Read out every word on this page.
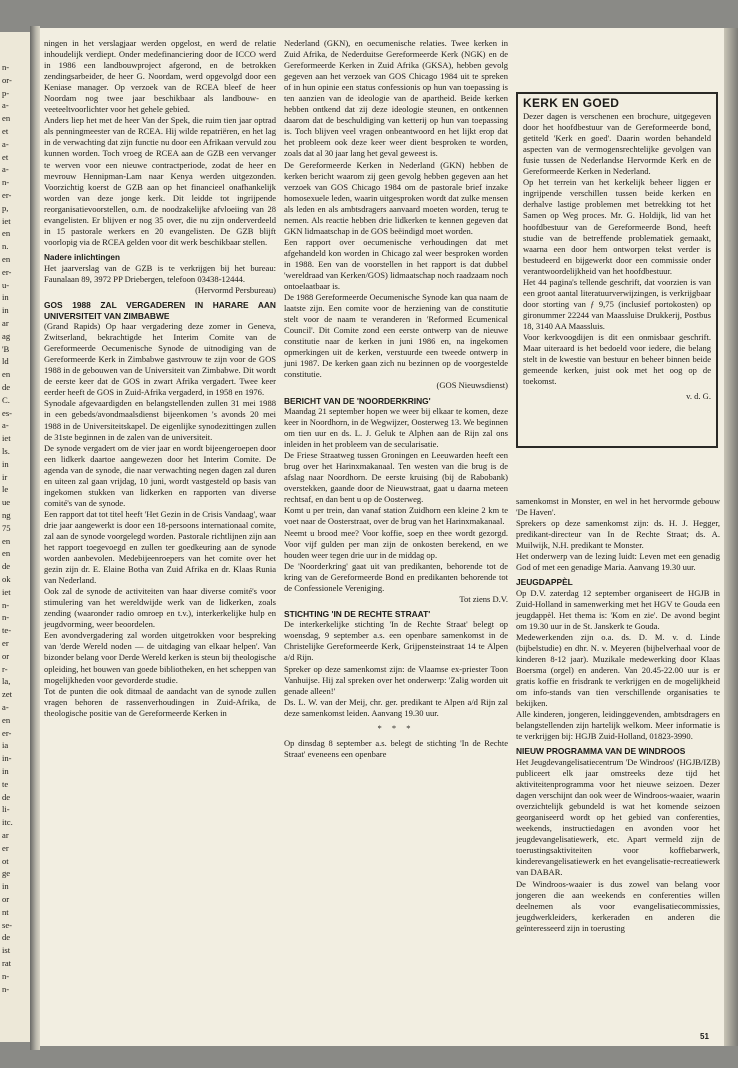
n-
or-
p-
a-
en
et
a-
et
a-
n-
er-
p,
iet
en
n.
en
er-
u-
in
in
ar
ag
'B
ld
en
de
C.
es-
a-
iet
ls.
in
ir
le
ue
ng
75
en
en
de
ok
iet
n-
n-
te-
er
or
r-
la,
zet
a-
en
er-
ia
in-
in
te
de
li-
itc.
ar
er
ot
ge
in
or
nt
se-
de
ist
rat
n-
n-

ningen in het verslagjaar werden opgelost, en werd de relatie inhoudelijk verdiept. Onder medefinanciering door de ICCO werd in 1986 een landbouwproject afgerond, en de betrokken zendingsarbeider, de heer G. Noordam, werd opgevolgd door een Keniase manager. Op verzoek van de RCEA bleef de heer Noordam nog twee jaar beschikbaar als landbouw- en veeteeltvoorlichter voor het gehele gebied.

Anders liep het met de heer Van der Spek, die ruim tien jaar optrad als penningmeester van de RCEA. Hij wilde repatriëren, en het lag in de verwachting dat zijn functie nu door een Afrikaan vervuld zou kunnen worden. Toch vroeg de RCEA aan de GZB een vervanger te werven voor een nieuwe contractperiode, zodat de heer en mevrouw Hennipman-Lam naar Kenya werden uitgezonden. Voorzichtig koerst de GZB aan op het financieel onafhankelijk worden van deze jonge kerk. Dit leidde tot ingrijpende reorganisatievoorstellen, o.m. de noodzakelijke afvloeiing van 28 evangelisten. Er blijven er nog 35 over, die nu zijn onderverdeeld in 15 pastorale werkers en 20 evangelisten. De GZB blijft voorlopig via de RCEA gelden voor dit werk beschikbaar stellen.

Nadere inlichtingen

Het jaarverslag van de GZB is te verkrijgen bij het bureau: Faunalaan 89, 3972 PP Driebergen, telefoon 03438-12444.

(Hervormd Persbureau)

GOS 1988 ZAL VERGADEREN IN HARARE AAN UNIVERSITEIT VAN ZIMBABWE

(Grand Rapids) Op haar vergadering deze zomer in Geneva, Zwitserland, bekrachtigde het Interim Comite van de Gereformeerde Oecumenische Synode de uitnodiging van de Gereformeerde Kerk in Zimbabwe gastvrouw te zijn voor de GOS 1988 in de gebouwen van de Universiteit van Zimbabwe. Dit wordt de eerste keer dat de GOS in zwart Afrika vergadert. Twee keer eerder heeft de GOS in Zuid-Afrika vergaderd, in 1958 en 1976.

Synodale afgevaardigden en belangstellenden zullen 31 mei 1988 in een gebeds/avondmaalsdienst bijeenkomen 's avonds 20 mei 1988 in de Universiteitskapel. De eigenlijke synodezittingen zullen de 31ste beginnen in de zalen van de universiteit.

De synode vergadert om de vier jaar en wordt bijeengeroepen door een lidkerk daartoe aangewezen door het Interim Comite. De agenda van de synode, die naar verwachting negen dagen zal duren en uiteen zal gaan vrijdag, 10 juni, wordt vastgesteld op basis van ingekomen stukken van lidkerken en rapporten van diverse comité's van de synode.

Een rapport dat tot titel heeft 'Het Gezin in de Crisis Vandaag', waar drie jaar aangewerkt is door een 18-persoons internationaal comite, zal aan de synode voorgelegd worden. Pastorale richtlijnen zijn aan het rapport toegevoegd en zullen ter goedkeuring aan de synode worden aanbevolen. Medebijeenroepers van het comite over het gezin zijn dr. E. Elaine Botha van Zuid Afrika en dr. Klaas Runia van Nederland.

Ook zal de synode de activiteiten van haar diverse comité's voor stimulering van het wereldwijde werk van de lidkerken, zoals zending (waaronder radio omroep en t.v.), interkerkelijke hulp en jeugdvorming, weer beoordelen.

Een avondvergadering zal worden uitgetrokken voor bespreking van 'derde Wereld noden — de uitdaging van elkaar helpen'. Van bizonder belang voor Derde Wereld kerken is steun bij theologische opleiding, het bouwen van goede bibliotheken, en het scheppen van mogelijkheden voor gevorderde studie.

Tot de punten die ook ditmaal de aandacht van de synode zullen vragen behoren de rassenverhoudingen in Zuid-Afrika, de theologische positie van de Gereformeerde Kerken in

Nederland (GKN), en oecumenische relaties. Twee kerken in Zuid Afrika, de Nederduitse Gereformeerde Kerk (NGK) en de Gereformeerde Kerken in Zuid Afrika (GKSA), hebben gevolg gegeven aan het verzoek van GOS Chicago 1984 uit te spreken of in hun opinie een status confessionis op hun van toepassing is ten aanzien van de ideologie van de apartheid. Beide kerken hebben ontkend dat zij deze ideologie steunen, en ontkennen daarom dat de beschuldiging van ketterij op hun van toepassing is. Toch blijven veel vragen onbeantwoord en het lijkt erop dat het probleem ook deze keer weer dient besproken te worden, zoals dat al 30 jaar lang het geval geweest is.

De Gereformeerde Kerken in Nederland (GKN) hebben de kerken bericht waarom zij geen gevolg hebben gegeven aan het verzoek van GOS Chicago 1984 om de pastorale brief inzake homosexuele leden, waarin uitgesproken wordt dat zulke mensen als leden en als ambtsdragers aanvaard moeten worden, terug te nemen. Als reactie hebben drie lidkerken te kennen gegeven dat GKN lidmaatschap in de GOS beëindigd moet worden.

Een rapport over oecumenische verhoudingen dat met afgehandeld kon worden in Chicago zal weer besproken worden in 1988. Een van de voorstellen in het rapport is dat dubbel 'wereldraad van Kerken/GOS) lidmaatschap noch raadzaam noch ontoelaatbaar is.

De 1988 Gereformeerde Oecumenische Synode kan qua naam de laatste zijn. Een comite voor de herziening van de constitutie stelt voor de naam te veranderen in 'Reformed Ecumenical Council'. Dit Comite zond een eerste ontwerp van de nieuwe constitutie naar de kerken in juni 1986 en, na ingekomen opmerkingen uit de kerken, verstuurde een tweede ontwerp in juni 1987. De kerken gaan zich nu bezinnen op de voorgestelde constitutie.

(GOS Nieuwsdienst)

BERICHT VAN DE 'NOORDERKRING'

Maandag 21 september hopen we weer bij elkaar te komen, deze keer in Noordhorn, in de Wegwijzer, Oosterweg 13. We beginnen om tien uur en ds. L. J. Geluk te Alphen aan de Rijn zal ons inleiden in het probleem van de secularisatie.

De Friese Straatweg tussen Groningen en Leeuwarden heeft een brug over het Harinxmakanaal. Ten westen van die brug is de afslag naar Noordhorn. De eerste kruising (bij de Rabobank) overstekken, gaande door de Nieuwstraat, gaat u daarna meteen rechtsaf, en dan bent u op de Oosterweg.

Komt u per trein, dan vanaf station Zuidhorn een kleine 2 km te voet naar de Oosterstraat, over de brug van het Harinxmakanaal.

Neemt u brood mee? Voor koffie, soep en thee wordt gezorgd. Voor vijf gulden per man zijn de onkosten berekend, en we houden weer tegen drie uur in de middag op.

De 'Noorderkring' gaat uit van predikanten, behorende tot de kring van de Gereformeerde Bond en predikanten behorende tot de Confessionele Vereniging.

Tot ziens D.V.

STICHTING 'IN DE RECHTE STRAAT'

De interkerkelijke stichting 'In de Rechte Straat' belegt op woensdag, 9 september a.s. een openbare samenkomst in de Christelijke Gereformeerde Kerk, Grijpensteinstraat 14 te Alpen a/d Rijn.

Spreker op deze samenkomst zijn: de Vlaamse ex-priester Toon Vanhuijse. Hij zal spreken over het onderwerp: 'Zalig worden uit genade alleen!'

Ds. L. W. van der Meij, chr. ger. predikant te Alpen a/d Rijn zal deze samenkomst leiden. Aanvang 19.30 uur.

* * *

Op dinsdag 8 september a.s. belegt de stichting 'In de Rechte Straat' eveneens een openbare

KERK EN GOED

Dezer dagen is verschenen een brochure, uitgegeven door het hoofdbestuur van de Gereformeerde bond, getiteld 'Kerk en goed'. Daarin worden behandeld aspecten van de vermogensrechtelijke gevolgen van fusie tussen de Nederlandse Hervormde Kerk en de Gereformeerde Kerken in Nederland.

Op het terrein van het kerkelijk beheer liggen er ingrijpende verschillen tussen beide kerken en derhalve lastige problemen met betrekking tot het Samen op Weg proces. Mr. G. Holdijk, lid van het hoofdbestuur van de Gereformeerde Bond, heeft studie van de betreffende problematiek gemaakt, waarna een door hem ontworpen tekst verder is bestudeerd en bijgewerkt door een commissie onder verantwoordelijkheid van het hoofdbestuur.

Het 44 pagina's tellende geschrift, dat voorzien is van een groot aantal literatuurverwijzingen, is verkrijgbaar door storting van ƒ 9,75 (inclusief portokosten) op gironummer 22244 van Maassluise Drukkerij, Postbus 18, 3140 AA Maassluis.

Voor kerkvoogdijen is dit een onmisbaar geschrift. Maar uiteraard is het bedoeld voor iedere, die belang stelt in de kwestie van bestuur en beheer binnen beide gemeende kerken, juist ook met het oog op de toekomst.

v. d. G.

samenkomst in Monster, en wel in het hervormde gebouw 'De Haven'.

Sprekers op deze samenkomst zijn: ds. H. J. Hegger, predikant-directeur van In de Rechte Straat; ds. A. Muilwijk, N.H. predikant te Monster.

Het onderwerp van de lezing luidt: Leven met een genadig God of met een genadige Maria. Aanvang 19.30 uur.

JEUGDAPPÈL

Op D.V. zaterdag 12 september organiseert de HGJB in Zuid-Holland in samenwerking met het HGV te Gouda een jeugdappèl. Het thema is: 'Kom en zie'. De avond begint om 19.30 uur in de St. Janskerk te Gouda.

Medewerkenden zijn o.a. ds. D. M. v. d. Linde (bijbelstudie) en dhr. N. v. Meyeren (bijbelverhaal voor de kinderen 8-12 jaar). Muzikale medewerking door Klaas Boersma (orgel) en anderen. Van 20.45-22.00 uur is er gratis koffie en frisdrank te verkrijgen en de mogelijkheid om info-stands van tien verschillende organisaties te bekijken.

Alle kinderen, jongeren, leidinggevenden, ambtsdragers en belangstellenden zijn hartelijk welkom. Meer informatie is te verkrijgen bij: HGJB Zuid-Holland, 01823-3990.

NIEUW PROGRAMMA VAN DE WINDROOS

Het Jeugdevangelisatiecentrum 'De Windroos' (HGJB/IZB) publiceert elk jaar omstreeks deze tijd het aktiviteitenprogramma voor het nieuwe seizoen. Dezer dagen verschijnt dan ook weer de Windroos-waaier, waarin overzichtelijk gebundeld is wat het komende seizoen georganiseerd wordt op het gebied van conferenties, weekends, instructiedagen en avonden voor het jeugdevangelisatiewerk, etc. Apart vermeld zijn de toerustingsaktiviteiten voor koffiebarwerk, kinderevangelisatiewerk en het evangelisatie-recreatiewerk van DABAR.

De Windroos-waaier is dus zowel van belang voor jongeren die aan weekends en conferenties willen deelnemen als voor evangelisatiecommissies, jeugdwerkleiders, kerkeraden en anderen die geïnteresseerd zijn in toerusting

51
